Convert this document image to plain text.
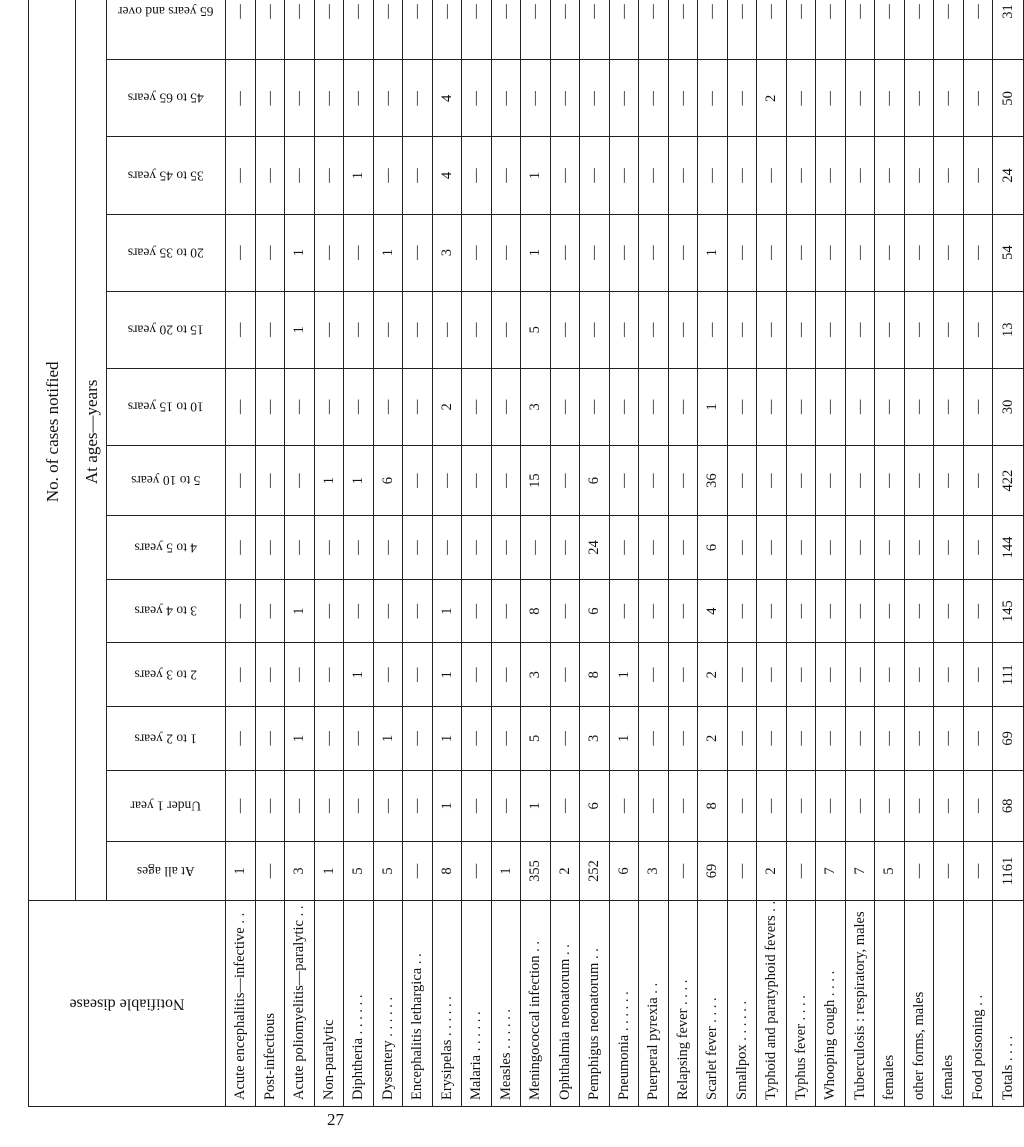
Notifiable disease	No. of cases notified			
	At ages—years																									
	At all ages	Under 1 year	1 to 2 years	2 to 3 years	3 to 4 years	4 to 5 years	5 to 10 years	10 to 15 years	15 to 20 years	20 to 35 years	35 to 45 years	45 to 65 years	65 years and over										
Acute encephalitis—infective . .	1	—	—	—	—	—	—	—	—	—	—	—	—													
Post-infectious	—	—	—	—	—	—	—	—	—	—	—	—	—													
Acute poliomyelitis—paralytic . .	3	—	1	—	1	—	—	—	1	1	—	—	—													
Non-paralytic	1	—	—	—	—	—	1	—	—	—	—	—	—													
Diphtheria . . . . . .	5	—	—	1	—	—	1	—	—	—	1	—	—													
Dysentery . . . . . .	5	—	1	—	—	—	6	—	—	1	—	—	—													
Encephalitis lethargica . .	—	—	—	—	—	—	—	—	—	—	—	—	—													
Erysipelas . . . . . .	8	1	1	1	1	—	—	2	—	3	4	4	—													
Malaria . . . . . .	—	—	—	—	—	—	—	—	—	—	—	—	—													
Measles . . . . . .	1	—	—	—	—	—	—	—	—	—	—	—	—													
Meningococcal infection . .	355	1	5	3	8	—	15	3	5	1	1	—	—													
Ophthalmia neonatorum . .	2	—	—	—	—	—	—	—	—	—	—	—	—													
Pemphigus neonatorum . .	252	6	3	8	6	24	6	—	—	—	—	—	—													
Pneumonia . . . . . .	6	—	1	1	—	—	—	—	—	—	—	—	—													
Puerperal pyrexia . .	3	—	—	—	—	—	—	—	—	—	—	—	—													
Relapsing fever . . . .	—	—	—	—	—	—	—	—	—	—	—	—	—													
Scarlet fever . . . .	69	8	2	2	4	6	36	1	—	1	—	—	—													
Smallpox . . . . . .	—	—	—	—	—	—	—	—	—	—	—	—	—													
Typhoid and paratyphoid fevers . .	2	—	—	—	—	—	—	—	—	—	—	2	—													
Typhus fever . . . .	—	—	—	—	—	—	—	—	—	—	—	—	—													
Whooping cough . . . .	7	—	—	—	—	—	—	—	—	—	—	—	—													
Tuberculosis : respiratory, males	7	—	—	—	—	—	—	—	—	—	—	—	—													
females	5	—	—	—	—	—	—	—	—	—	—	—	—													
other forms, males	—	—	—	—	—	—	—	—	—	—	—	—	—													
females	—	—	—	—	—	—	—	—	—	—	—	—	—													
Food poisoning . .	—	—	—	—	—	—	—	—	—	—	—	—	—													
Totals . . . .	1161	68	69	111	145	144	422	30	13	54	24	50	31													
27
